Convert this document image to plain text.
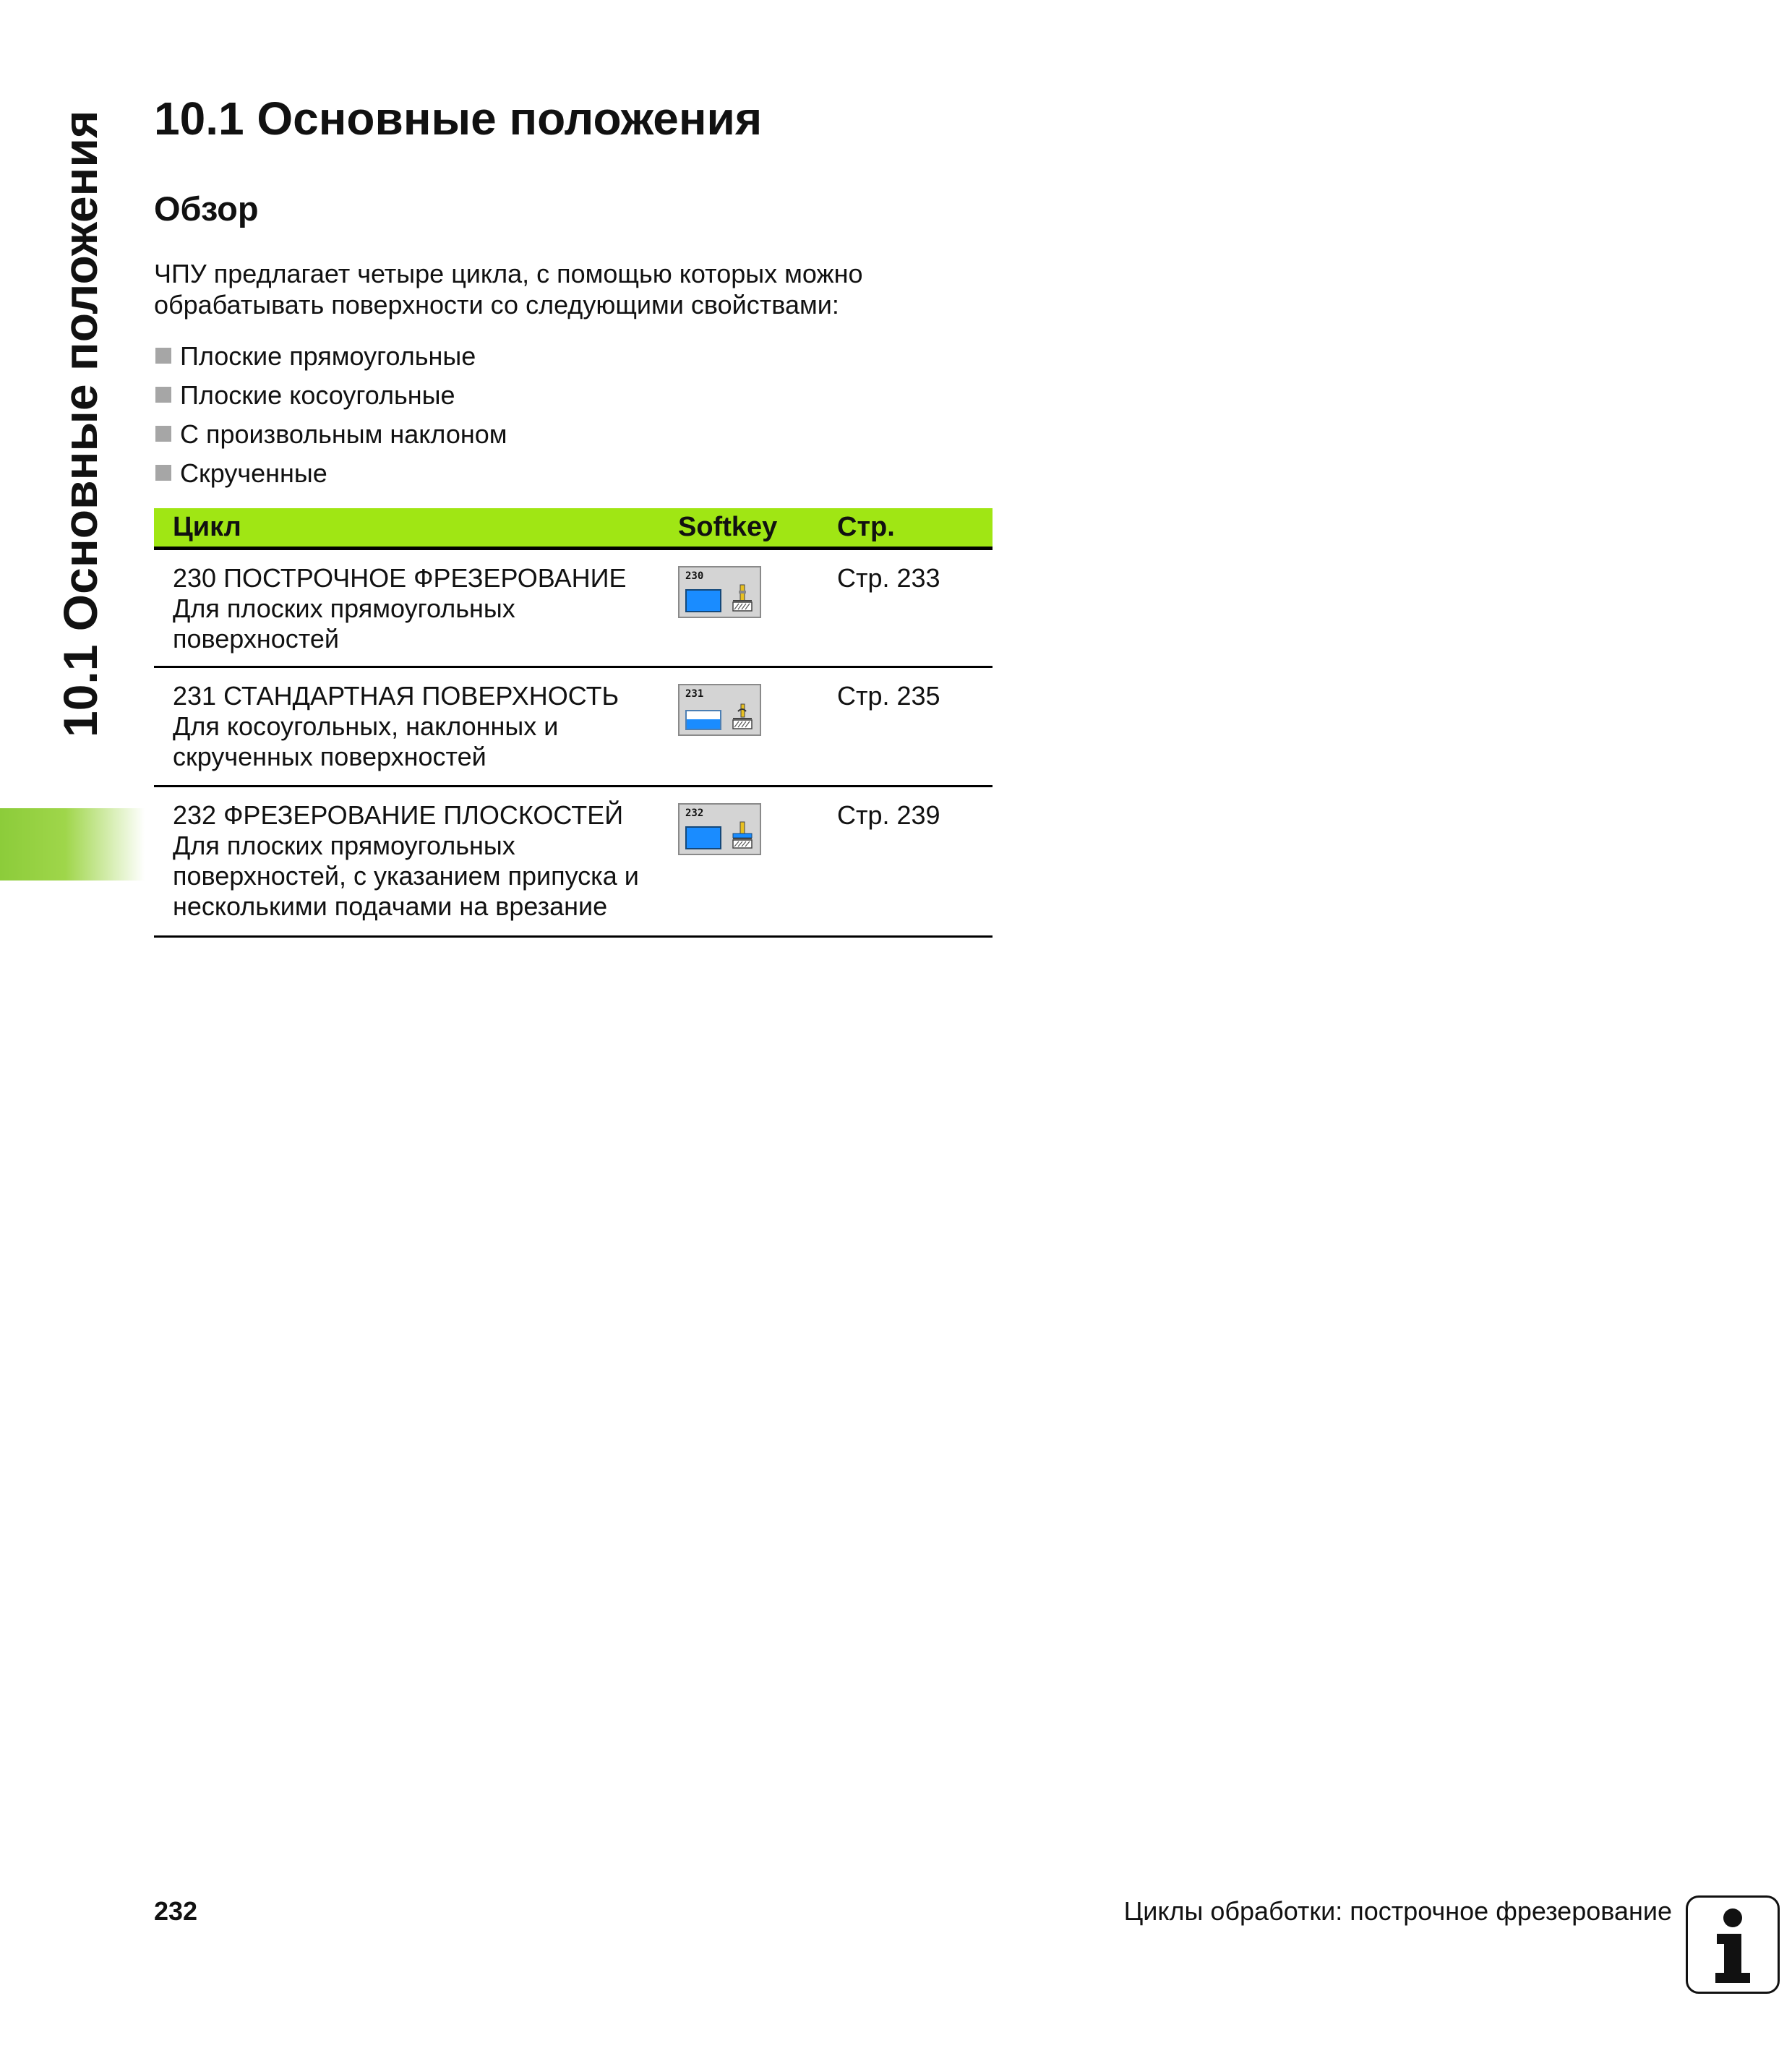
10.1 Основные положения 10.1 Основные положения
Обзор
ЧПУ предлагает четыре цикла, с помощью которых можно обрабатывать поверхности со следующими свойствами:
Плоские прямоугольные
Плоские косоугольные
С произвольным наклоном
Скрученные
Цикл	Softkey Стр.
230 ПОСТРОЧНОЕ ФРЕЗЕРОВАНИЕ
Для плоских прямоугольных
поверхностей
230	Стр. 233
231 СТАНДАРТНАЯ ПОВЕРХНОСТЬ
Для косоугольных, наклонных и
скрученных поверхностей
231	Стр. 235
232 ФРЕЗЕРОВАНИЕ ПЛОСКОСТЕЙ
Для плоских прямоугольных
поверхностей, с указанием припуска и
несколькими подачами на врезание
232	Стр. 239
232	Циклы обработки: построчное фрезерование
